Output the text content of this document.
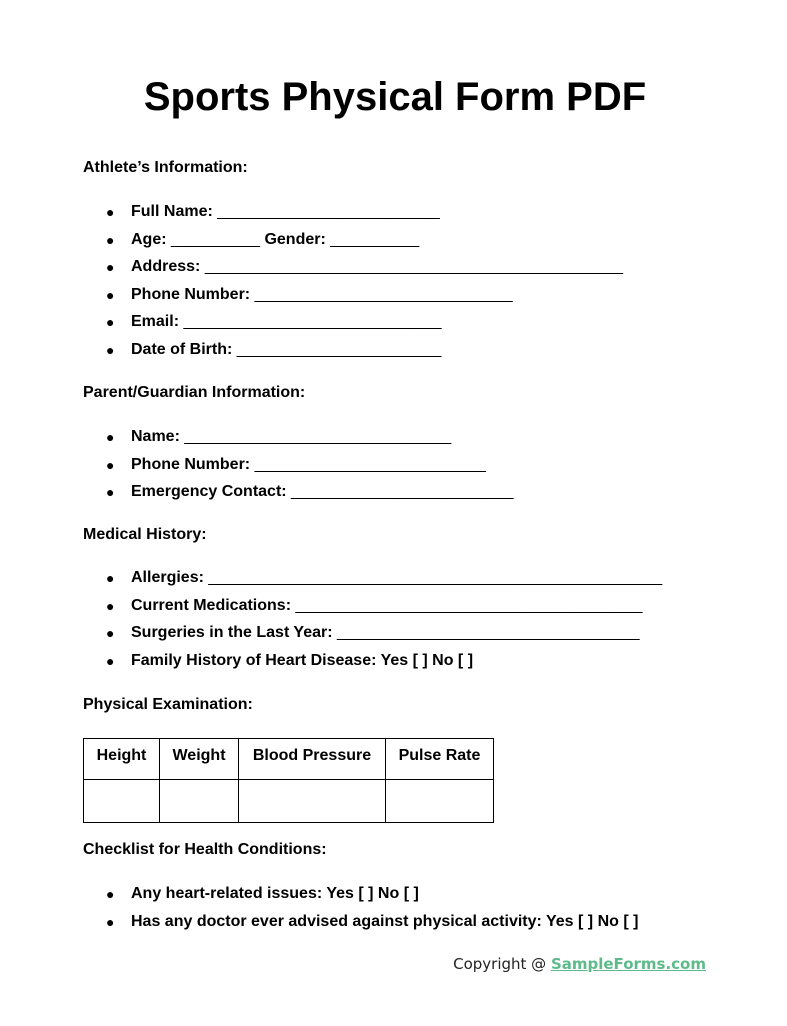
Sports Physical Form PDF

Athlete’s Information:

● Full Name: _________________________
● Age: __________ Gender: __________
● Address: _______________________________________________
● Phone Number: _____________________________
● Email: _____________________________
● Date of Birth: _______________________

Parent/Guardian Information:

● Name: ______________________________
● Phone Number: __________________________
● Emergency Contact: _________________________

Medical History:

● Allergies: ___________________________________________________
● Current Medications: _______________________________________
● Surgeries in the Last Year: __________________________________
● Family History of Heart Disease: Yes [ ] No [ ]

Physical Examination:

Height	Weight	Blood Pressure	Pulse Rate

Checklist for Health Conditions:

● Any heart-related issues: Yes [ ] No [ ]
● Has any doctor ever advised against physical activity: Yes [ ] No [ ]
Copyright @ SampleForms.com
